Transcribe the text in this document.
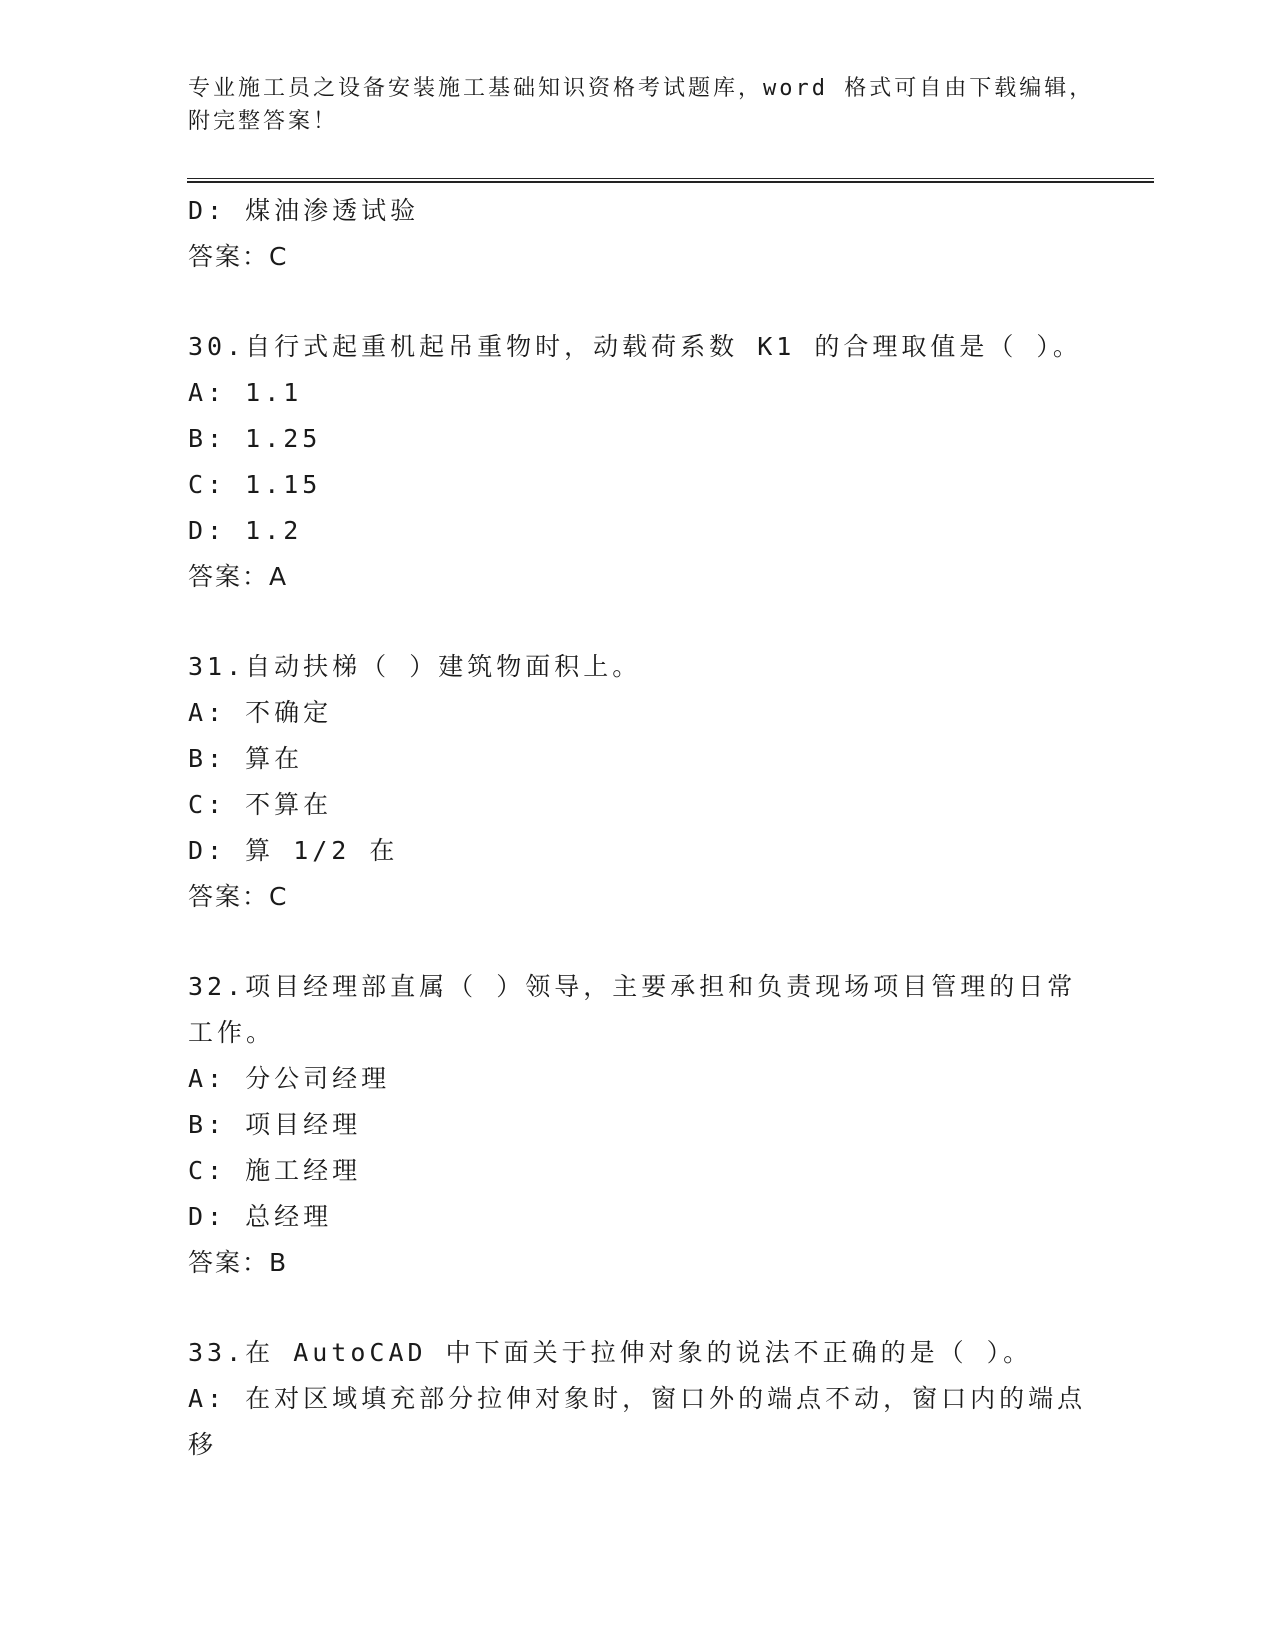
专业施工员之设备安装施工基础知识资格考试题库，word 格式可自由下载编辑，
附完整答案！
D: 煤油渗透试验
答案：C
30.自行式起重机起吊重物时，动载荷系数 K1 的合理取值是（ ）。
A: 1.1
B: 1.25
C: 1.15
D: 1.2
答案：A
31.自动扶梯（ ）建筑物面积上。
A: 不确定
B: 算在
C: 不算在
D: 算 1/2 在
答案：C
32.项目经理部直属（ ）领导，主要承担和负责现场项目管理的日常
工作。
A: 分公司经理
B: 项目经理
C: 施工经理
D: 总经理
答案：B
33.在 AutoCAD 中下面关于拉伸对象的说法不正确的是（ ）。
A: 在对区域填充部分拉伸对象时，窗口外的端点不动，窗口内的端点
移
